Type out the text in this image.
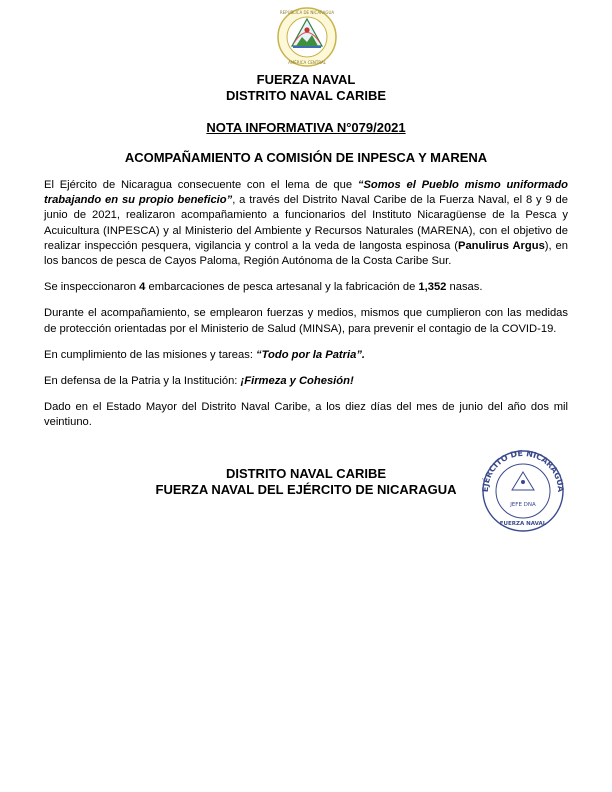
REPÚBLICA DE NICARAGUA
AMÉRICA CENTRAL
FUERZA NAVAL
DISTRITO NAVAL CARIBE
NOTA INFORMATIVA N°079/2021
ACOMPAÑAMIENTO A COMISIÓN DE INPESCA Y MARENA

El Ejército de Nicaragua consecuente con el lema de que “Somos el Pueblo mismo uniformado trabajando en su propio beneficio”, a través del Distrito Naval Caribe de la Fuerza Naval, el 8 y 9 de junio de 2021, realizaron acompañamiento a funcionarios del Instituto Nicaragüense de la Pesca y Acuicultura (INPESCA) y al Ministerio del Ambiente y Recursos Naturales (MARENA), con el objetivo de realizar inspección pesquera, vigilancia y control a la veda de langosta espinosa (Panulirus Argus), en los bancos de pesca de Cayos Paloma, Región Autónoma de la Costa Caribe Sur.

Se inspeccionaron 4 embarcaciones de pesca artesanal y la fabricación de 1,352 nasas.

Durante el acompañamiento, se emplearon fuerzas y medios, mismos que cumplieron con las medidas de protección orientadas por el Ministerio de Salud (MINSA), para prevenir el contagio de la COVID-19.

En cumplimiento de las misiones y tareas: “Todo por la Patria”.

En defensa de la Patria y la Institución: ¡Firmeza y Cohesión!

Dado en el Estado Mayor del Distrito Naval Caribe, a los diez días del mes de junio del año dos mil veintiuno.

DISTRITO NAVAL CARIBE
FUERZA NAVAL DEL EJÉRCITO DE NICARAGUA	EJÉRCITO DE NICARAGUA
JEFE DNA
FUERZA NAVAL
